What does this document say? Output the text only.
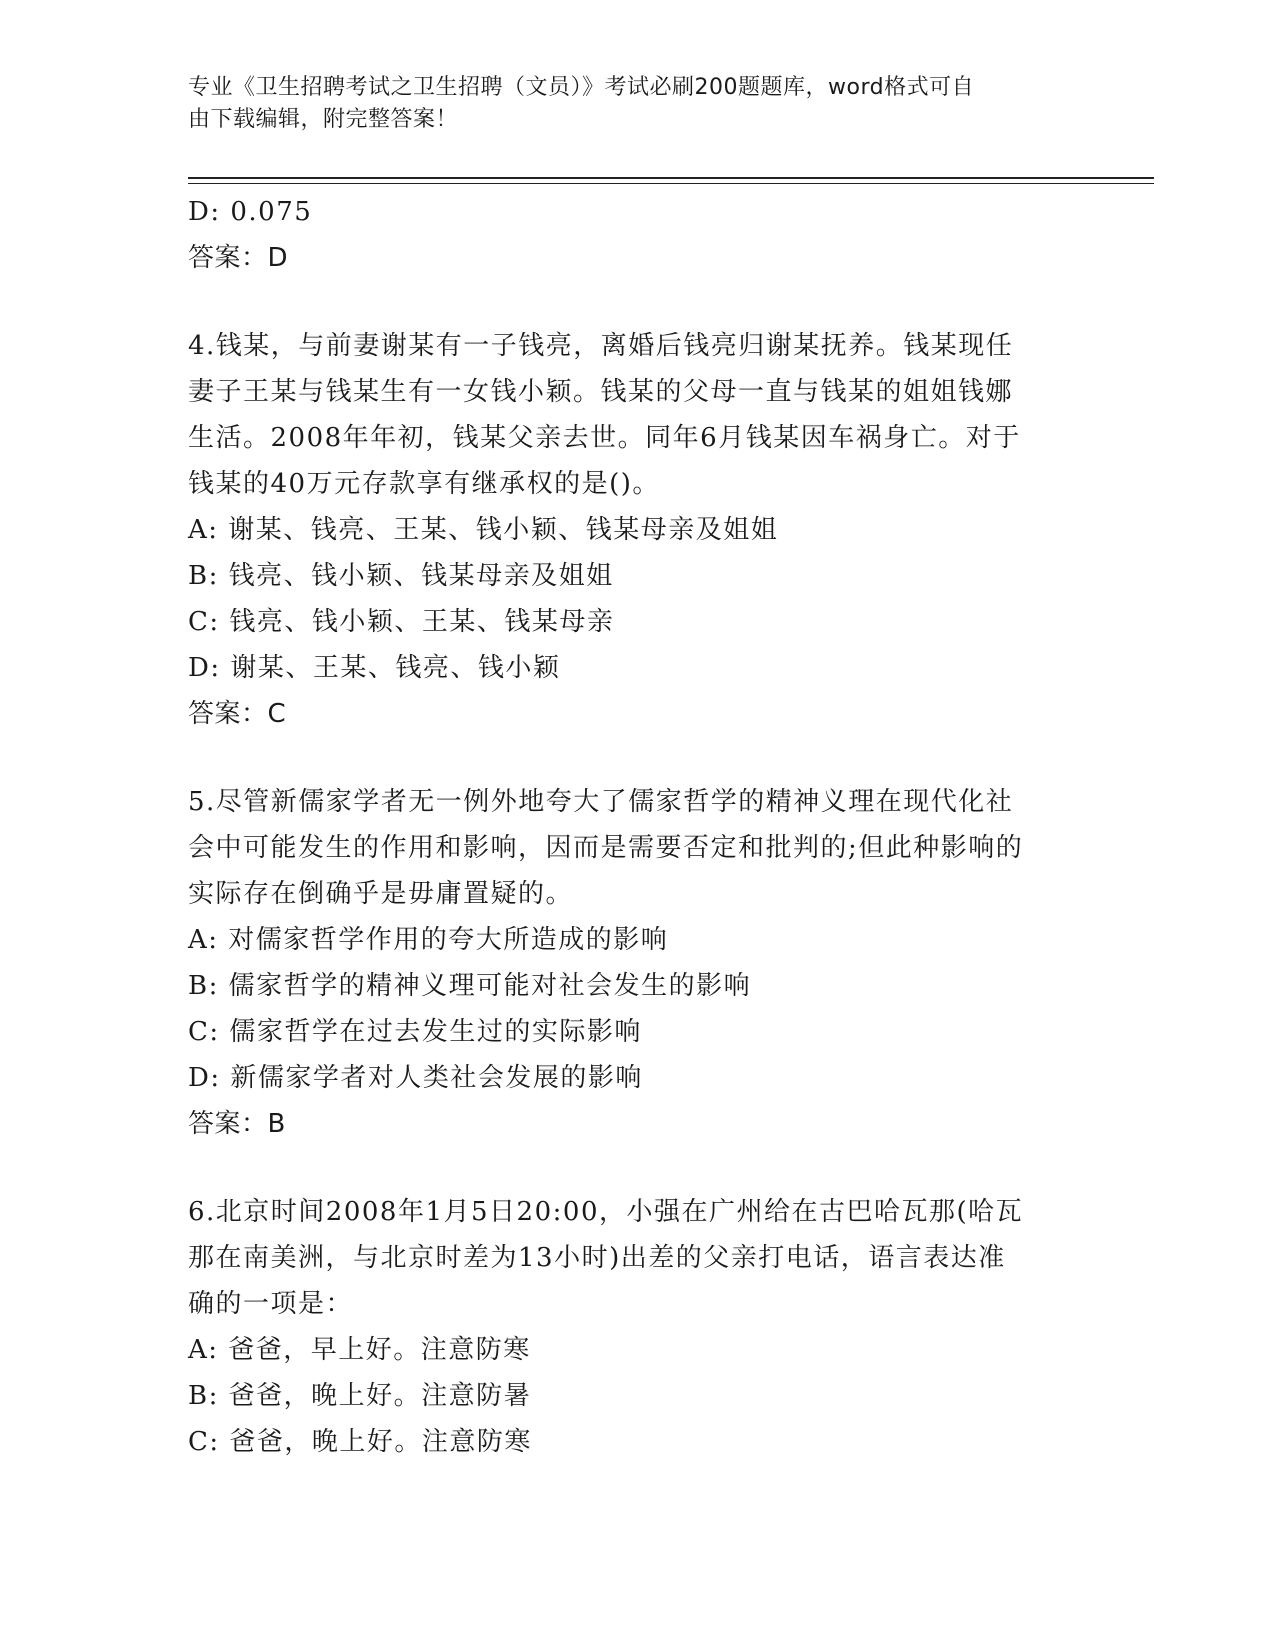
专业《卫生招聘考试之卫生招聘（文员）》考试必刷200题题库，word格式可自
由下载编辑，附完整答案！
D: 0.075
答案：D
4.钱某，与前妻谢某有一子钱亮，离婚后钱亮归谢某抚养。钱某现任
妻子王某与钱某生有一女钱小颖。钱某的父母一直与钱某的姐姐钱娜
生活。2008年年初，钱某父亲去世。同年6月钱某因车祸身亡。对于
钱某的40万元存款享有继承权的是()。
A: 谢某、钱亮、王某、钱小颖、钱某母亲及姐姐
B: 钱亮、钱小颖、钱某母亲及姐姐
C: 钱亮、钱小颖、王某、钱某母亲
D: 谢某、王某、钱亮、钱小颖
答案：C
5.尽管新儒家学者无一例外地夸大了儒家哲学的精神义理在现代化社
会中可能发生的作用和影响，因而是需要否定和批判的;但此种影响的
实际存在倒确乎是毋庸置疑的。
A: 对儒家哲学作用的夸大所造成的影响
B: 儒家哲学的精神义理可能对社会发生的影响
C: 儒家哲学在过去发生过的实际影响
D: 新儒家学者对人类社会发展的影响
答案：B
6.北京时间2008年1月5日20:00，小强在广州给在古巴哈瓦那(哈瓦
那在南美洲，与北京时差为13小时)出差的父亲打电话，语言表达准
确的一项是：
A: 爸爸，早上好。注意防寒
B: 爸爸，晚上好。注意防暑
C: 爸爸，晚上好。注意防寒
